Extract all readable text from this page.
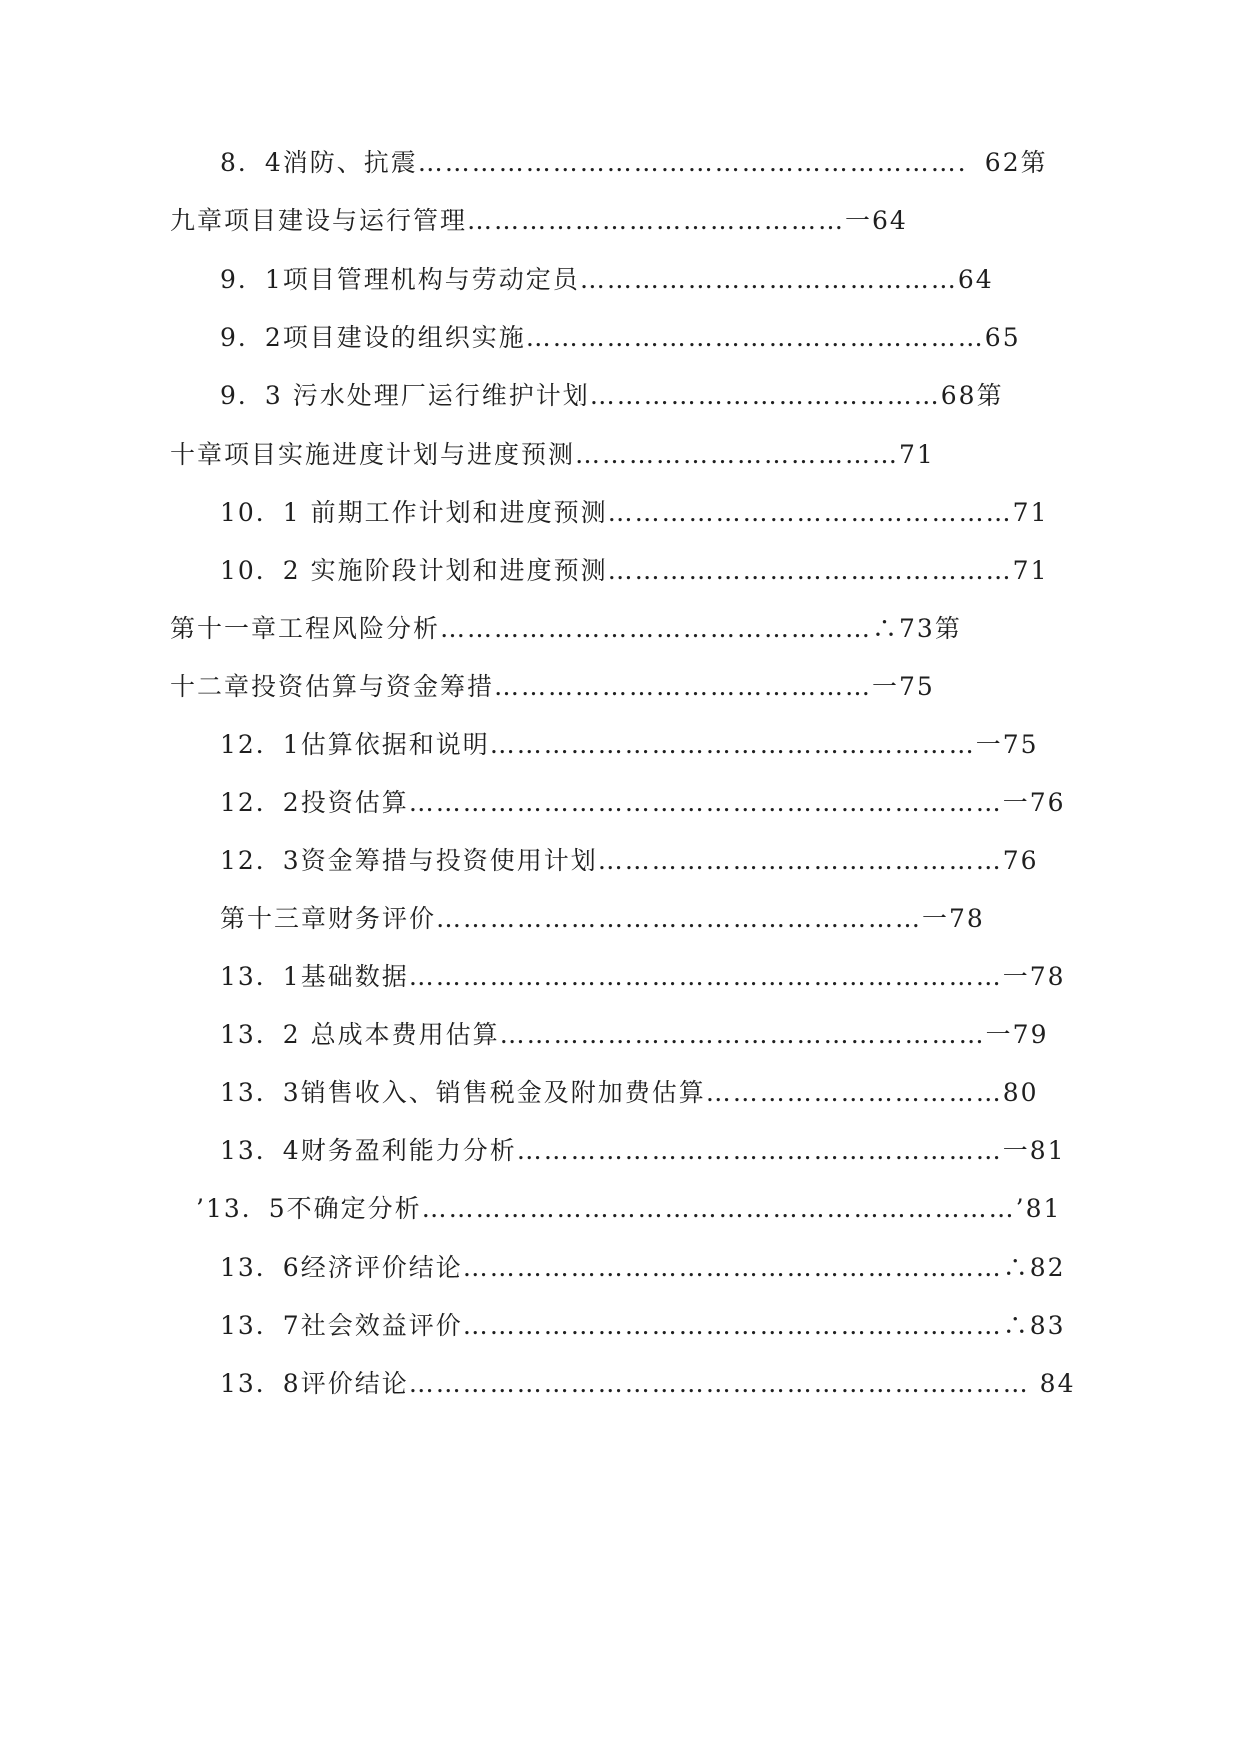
8．4消防、抗震……………………………………………………．62第
九章项目建设与运行管理……………………………………一64
9．1项目管理机构与劳动定员……………………………………64
9．2项目建设的组织实施……………………………………………65
9．3 污水处理厂运行维护计划…………………………………68第
十章项目实施进度计划与进度预测………………………………71
10．1 前期工作计划和进度预测………………………………………71
10．2 实施阶段计划和进度预测………………………………………71
第十一章工程风险分析…………………………………………∴73第
十二章投资估算与资金筹措……………………………………一75
12．1估算依据和说明………………………………………………一75
12．2投资估算…………………………………………………………一76
12．3资金筹措与投资使用计划………………………………………76
第十三章财务评价………………………………………………一78
13．1基础数据…………………………………………………………一78
13．2 总成本费用估算………………………………………………一79
13．3销售收入、销售税金及附加费估算……………………………80
13．4财务盈利能力分析………………………………………………一81
’13．5不确定分析…………………………………………………………’81
13．6经济评价结论……………………………………………………∴82
13．7社会效益评价……………………………………………………∴83
13．8评价结论…………………………………………………………… 84
